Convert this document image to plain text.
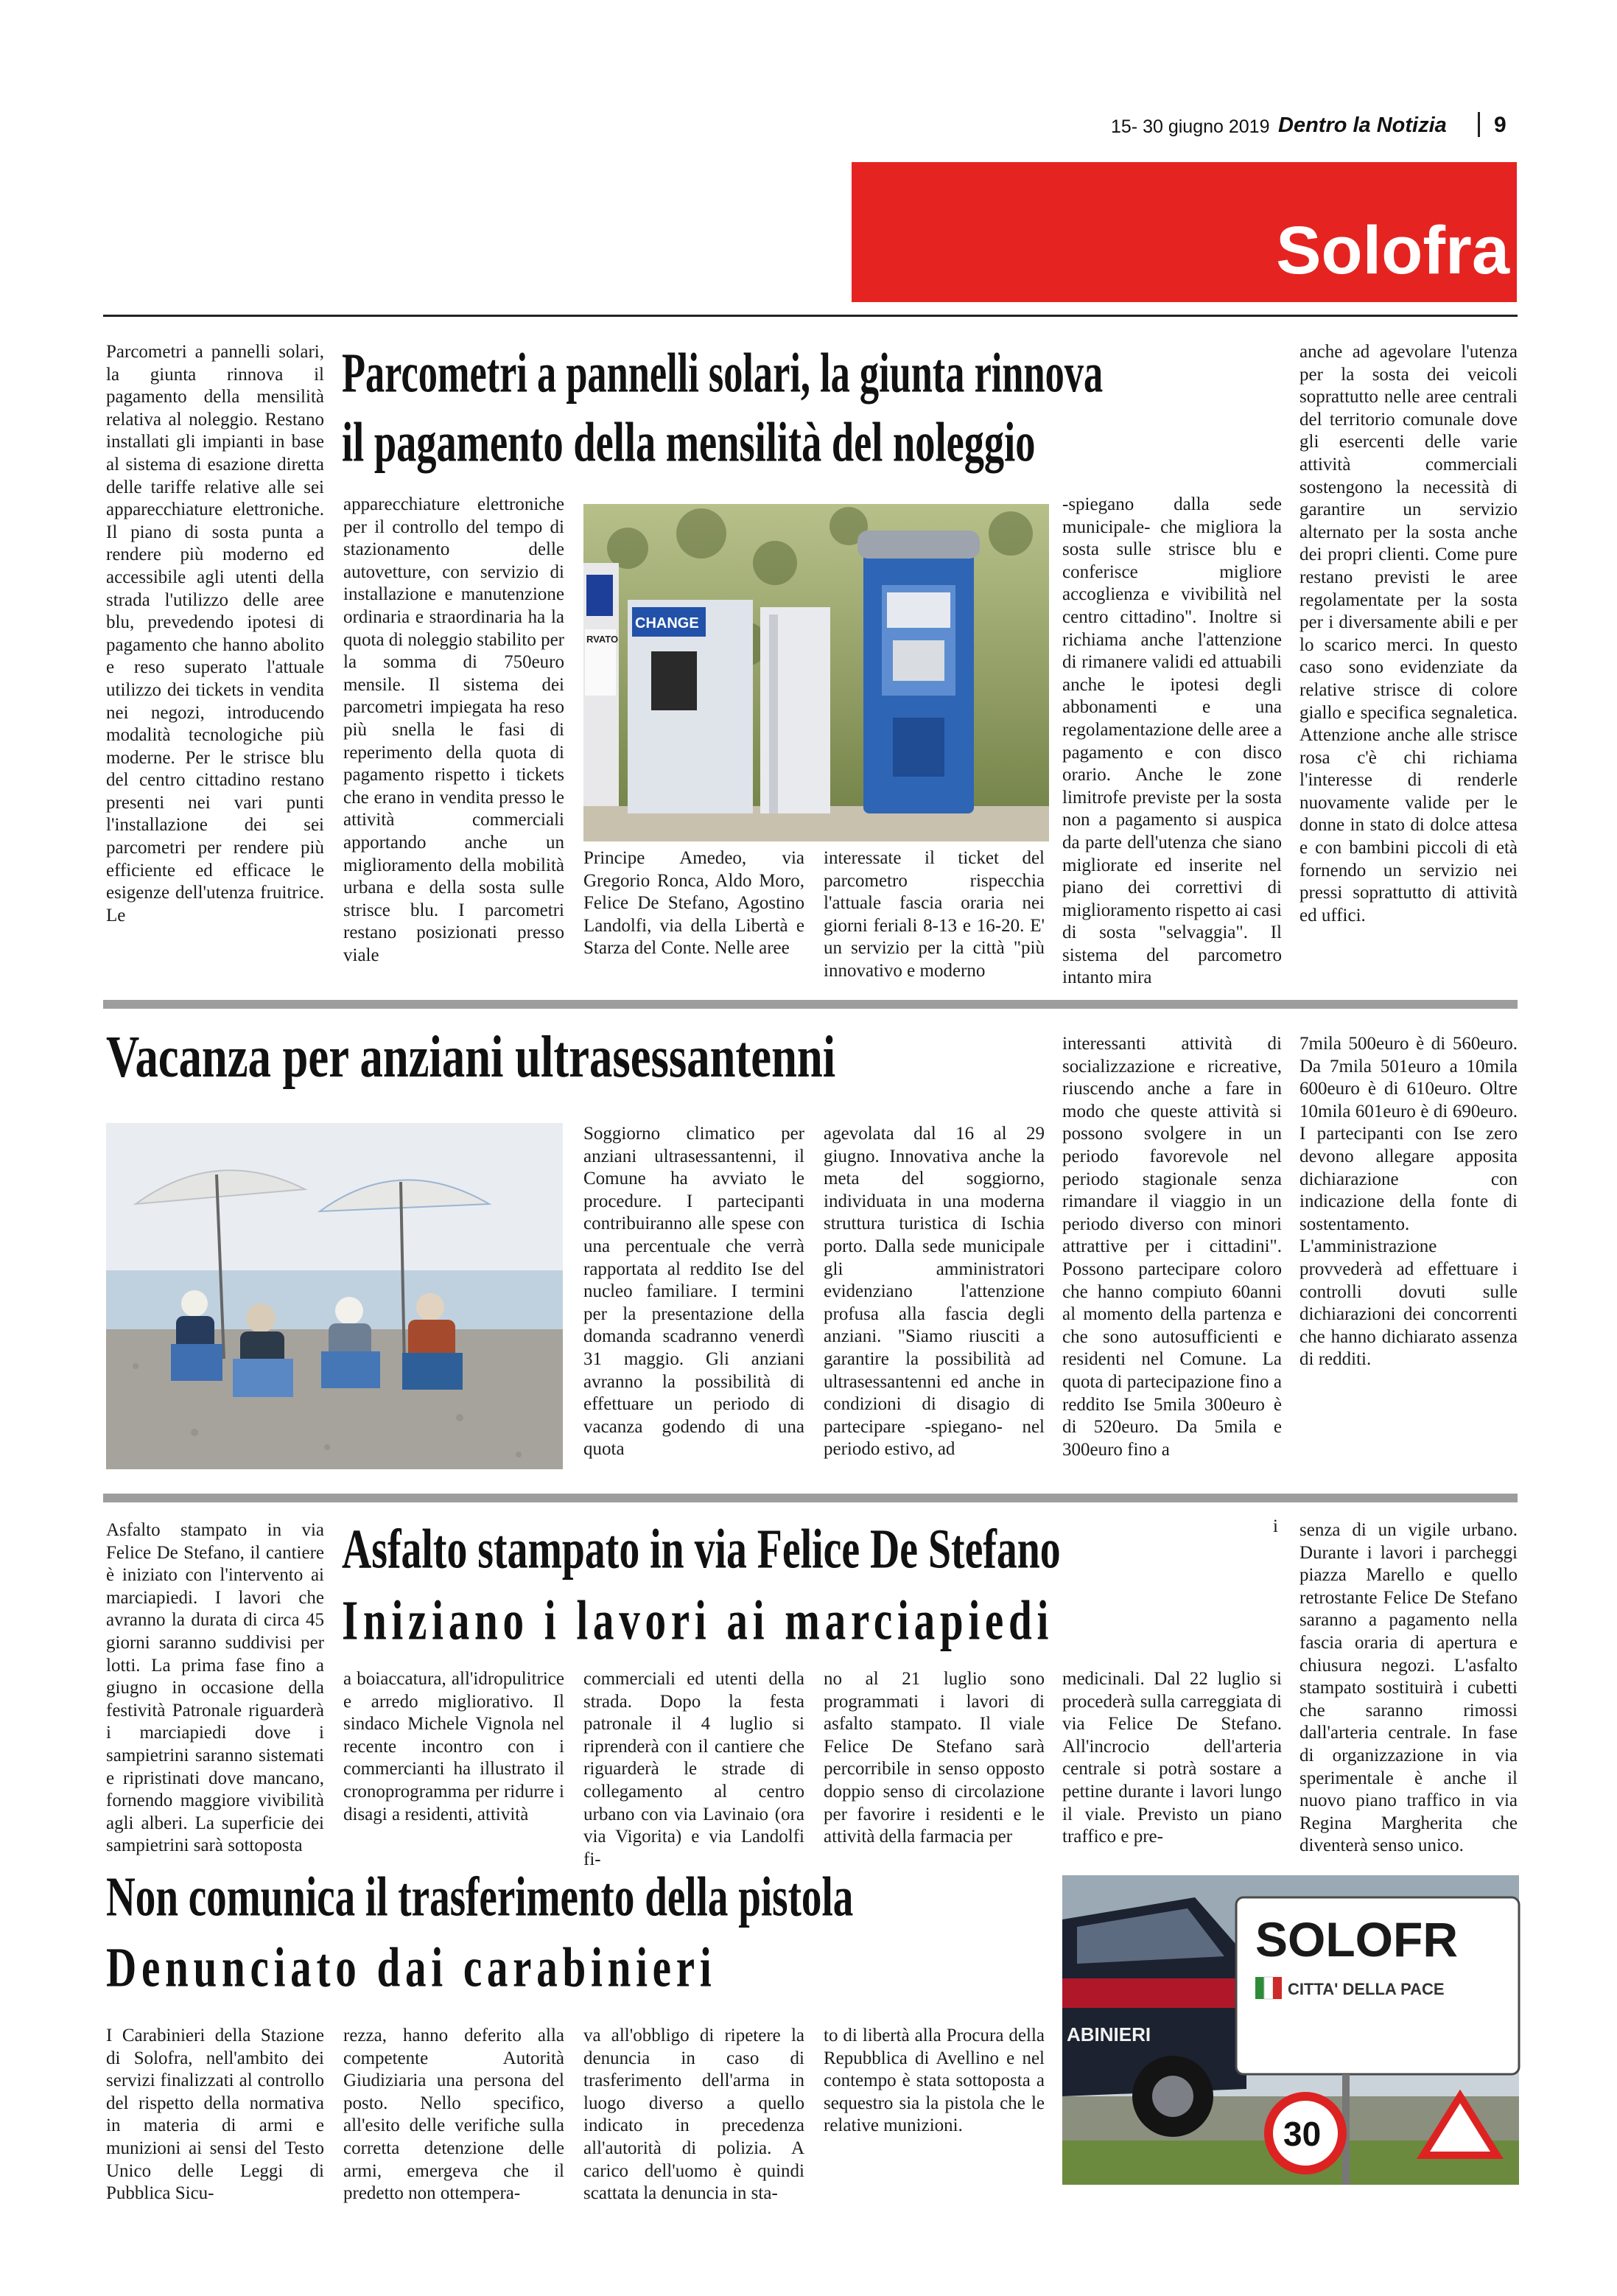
15- 30 giugno 2019 Dentro la Notizia 9
Solofra
Parcometri a pannelli solari, la giunta rinnova il pagamento della mensilità relativa al noleggio. Restano installati gli impianti in base al sistema di esazione diretta delle tariffe relative alle sei apparecchiature elettroniche. Il piano di sosta punta a rendere più moderno ed accessibile agli utenti della strada l'utilizzo delle aree blu, prevedendo ipotesi di pagamento che hanno abolito e reso superato l'attuale utilizzo dei tickets in vendita nei negozi, introducendo modalità tecnologiche più moderne. Per le strisce blu del centro cittadino restano presenti nei vari punti l'installazione dei sei parcometri per rendere più efficiente ed efficace le esigenze dell'utenza fruitrice. Le
Parcometri a pannelli solari, la giunta rinnova
il pagamento della mensilità del noleggio
apparecchiature elettroniche per il controllo del tempo di stazionamento delle autovetture, con servizio di installazione e manutenzione ordinaria e straordinaria ha la quota di noleggio stabilito per la somma di 750euro mensile. Il sistema dei parcometri impiegata ha reso più snella le fasi di reperimento della quota di pagamento rispetto i tickets che erano in vendita presso le attività commerciali apportando anche un miglioramento della mobilità urbana e della sosta sulle strisce blu. I parcometri restano posizionati presso viale
RVATO
CHANGE
Principe Amedeo, via Gregorio Ronca, Aldo Moro, Felice De Stefano, Agostino Landolfi, via della Libertà e Starza del Conte. Nelle aree
interessate il ticket del parcometro rispecchia l'attuale fascia oraria nei giorni feriali 8-13 e 16-20. E' un servizio per la città "più innovativo e moderno
-spiegano dalla sede municipale- che migliora la sosta sulle strisce blu e conferisce migliore accoglienza e vivibilità nel centro cittadino". Inoltre si richiama anche l'attenzione di rimanere validi ed attuabili anche le ipotesi degli abbonamenti e una regolamentazione delle aree a pagamento e con disco orario. Anche le zone limitrofe previste per la sosta non a pagamento si auspica da parte dell'utenza che siano migliorate ed inserite nel piano dei correttivi di miglioramento rispetto ai casi di sosta "selvaggia". Il sistema del parcometro intanto mira
anche ad agevolare l'utenza per la sosta dei veicoli soprattutto nelle aree centrali del territorio comunale dove gli esercenti delle varie attività commerciali sostengono la necessità di garantire un servizio alternato per la sosta anche dei propri clienti. Come pure restano previsti le aree regolamentate per la sosta per i diversamente abili e per lo scarico merci. In questo caso sono evidenziate da relative strisce di colore giallo e specifica segnaletica. Attenzione anche alle strisce rosa c'è chi richiama l'interesse di renderle nuovamente valide per le donne in stato di dolce attesa e con bambini piccoli di età fornendo un servizio nei pressi soprattutto di attività ed uffici.
Vacanza per anziani ultrasessantenni
Soggiorno climatico per anziani ultrasessantenni, il Comune ha avviato le procedure. I partecipanti contribuiranno alle spese con una percentuale che verrà rapportata al reddito Ise del nucleo familiare. I termini per la presentazione della domanda scadranno venerdì 31 maggio. Gli anziani avranno la possibilità di effettuare un periodo di vacanza godendo di una quota
agevolata dal 16 al 29 giugno. Innovativa anche la meta del soggiorno, individuata in una moderna struttura turistica di Ischia porto. Dalla sede municipale gli amministratori evidenziano l'attenzione profusa alla fascia degli anziani. "Siamo riusciti a garantire la possibilità ad ultrasessantenni ed anche in condizioni di disagio di partecipare -spiegano- nel periodo estivo, ad
interessanti attività di socializzazione e ricreative, riuscendo anche a fare in modo che queste attività si possono svolgere in un periodo favorevole nel periodo stagionale senza rimandare il viaggio in un periodo diverso con minori attrattive per i cittadini". Possono partecipare coloro che hanno compiuto 60anni al momento della partenza e che sono autosufficienti e residenti nel Comune. La quota di partecipazione fino a reddito Ise 5mila 300euro è di 520euro. Da 5mila e 300euro fino a
7mila 500euro è di 560euro. Da 7mila 501euro a 10mila 600euro è di 610euro. Oltre 10mila 601euro è di 690euro. I partecipanti con Ise zero devono allegare apposita dichiarazione con indicazione della fonte di sostentamento. L'amministrazione provvederà ad effettuare i controlli dovuti sulle dichiarazioni dei concorrenti che hanno dichiarato assenza di redditi.
Asfalto stampato in via Felice De Stefano, il cantiere è iniziato con l'intervento ai marciapiedi. I lavori che avranno la durata di circa 45 giorni saranno suddivisi per lotti. La prima fase fino a giugno in occasione della festività Patronale riguarderà i marciapiedi dove i sampietrini saranno sistemati e ripristinati dove mancano, fornendo maggiore vivibilità agli alberi. La superficie dei sampietrini sarà sottoposta
Asfalto stampato in via Felice De Stefano	i
Iniziano i lavori ai marciapiedi
a boiaccatura, all'idropulitrice e arredo migliorativo. Il sindaco Michele Vignola nel recente incontro con i commercianti ha illustrato il cronoprogramma per ridurre i disagi a residenti, attività
commerciali ed utenti della strada. Dopo la festa patronale il 4 luglio si riprenderà con il cantiere che riguarderà le strade di collegamento al centro urbano con via Lavinaio (ora via Vigorita) e via Landolfi fi-
no al 21 luglio sono programmati i lavori di asfalto stampato. Il viale Felice De Stefano sarà percorribile in senso opposto doppio senso di circolazione per favorire i residenti e le attività della farmacia per
medicinali. Dal 22 luglio si procederà sulla carreggiata di via Felice De Stefano. All'incrocio dell'arteria centrale si potrà sostare a pettine durante i lavori lungo il viale. Previsto un piano traffico e pre-
senza di un vigile urbano. Durante i lavori i parcheggi piazza Marello e quello retrostante Felice De Stefano saranno a pagamento nella fascia oraria di apertura e chiusura negozi. L'asfalto stampato sostituirà i cubetti che saranno rimossi dall'arteria centrale. In fase di organizzazione in via sperimentale è anche il nuovo piano traffico in via Regina Margherita che diventerà senso unico.
Non comunica il trasferimento della pistola
Denunciato dai carabinieri
I Carabinieri della Stazione di Solofra, nell'ambito dei servizi finalizzati al controllo del rispetto della normativa in materia di armi e munizioni ai sensi del Testo Unico delle Leggi di Pubblica Sicu-
rezza, hanno deferito alla competente Autorità Giudiziaria una persona del posto. Nello specifico, all'esito delle verifiche sulla corretta detenzione delle armi, emergeva che il predetto non ottempera-
va all'obbligo di ripetere la denuncia in caso di trasferimento dell'arma in luogo diverso a quello indicato in precedenza all'autorità di polizia. A carico dell'uomo è quindi scattata la denuncia in sta-
to di libertà alla Procura della Repubblica di Avellino e nel contempo è stata sottoposta a sequestro sia la pistola che le relative munizioni.
ABINIERI
SOLOFR
CITTA' DELLA PACE
30
